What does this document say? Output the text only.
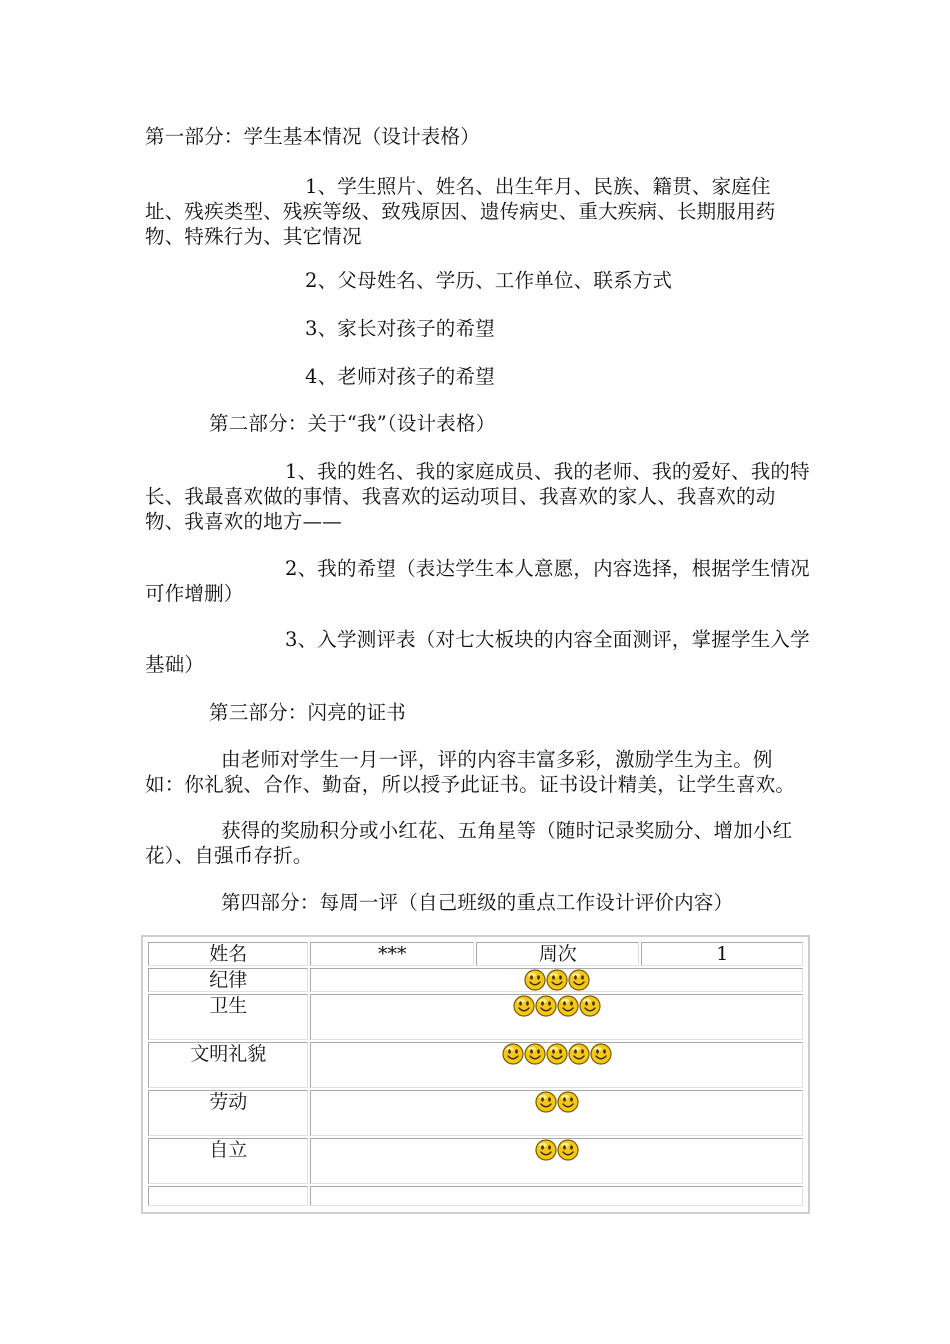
第一部分：学生基本情况（设计表格）

1、学生照片、姓名、出生年月、民族、籍贯、家庭住址、残疾类型、残疾等级、致残原因、遗传病史、重大疾病、长期服用药物、特殊行为、其它情况

2、父母姓名、学历、工作单位、联系方式

3、家长对孩子的希望

4、老师对孩子的希望

第二部分：关于“我”（设计表格）

1、我的姓名、我的家庭成员、我的老师、我的爱好、我的特长、我最喜欢做的事情、我喜欢的运动项目、我喜欢的家人、我喜欢的动物、我喜欢的地方——

2、我的希望（表达学生本人意愿，内容选择，根据学生情况可作增删）

3、入学测评表（对七大板块的内容全面测评，掌握学生入学基础）

第三部分：闪亮的证书

由老师对学生一月一评，评的内容丰富多彩，激励学生为主。例如：你礼貌、合作、勤奋，所以授予此证书。证书设计精美，让学生喜欢。

获得的奖励积分或小红花、五角星等（随时记录奖励分、增加小红花）、自强币存折。

第四部分：每周一评（自己班级的重点工作设计评价内容）

姓名	***	周次	1
纪律	

卫生	

文明礼貌	

劳动	

自立	
